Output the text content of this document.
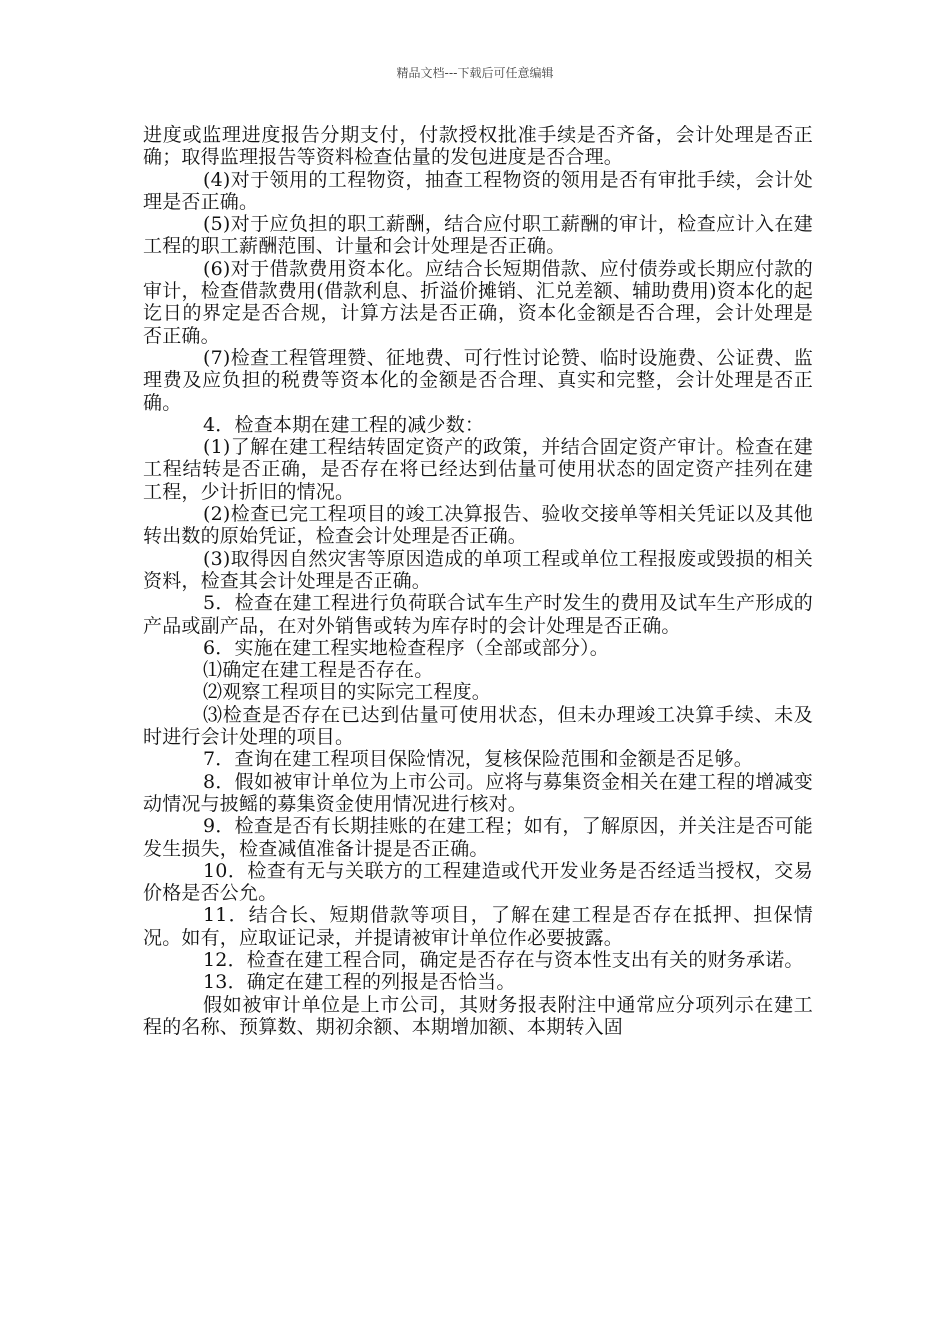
精品文档---下载后可任意编辑

进度或监理进度报告分期支付，付款授权批准手续是否齐备，会计处理是否正确；取得监理报告等资料检查估量的发包进度是否合理。

(4)对于领用的工程物资，抽查工程物资的领用是否有审批手续，会计处理是否正确。

(5)对于应负担的职工薪酬，结合应付职工薪酬的审计，检查应计入在建工程的职工薪酬范围、计量和会计处理是否正确。

(6)对于借款费用资本化。应结合长短期借款、应付债券或长期应付款的审计，检查借款费用(借款利息、折溢价摊销、汇兑差额、辅助费用)资本化的起讫日的界定是否合规，计算方法是否正确，资本化金额是否合理，会计处理是否正确。

(7)检查工程管理赞、征地费、可行性讨论赞、临时设施费、公证费、监理费及应负担的税费等资本化的金额是否合理、真实和完整，会计处理是否正确。

4．检查本期在建工程的减少数：

(1)了解在建工程结转固定资产的政策，并结合固定资产审计。检查在建工程结转是否正确，是否存在将已经达到估量可使用状态的固定资产挂列在建工程，少计折旧的情况。

(2)检查已完工程项目的竣工决算报告、验收交接单等相关凭证以及其他转出数的原始凭证，检查会计处理是否正确。

(3)取得因自然灾害等原因造成的单项工程或单位工程报废或毁损的相关资料，检查其会计处理是否正确。

5．检查在建工程进行负荷联合试车生产时发生的费用及试车生产形成的产品或副产品，在对外销售或转为库存时的会计处理是否正确。

6．实施在建工程实地检查程序（全部或部分）。

⑴确定在建工程是否存在。

⑵观察工程项目的实际完工程度。

⑶检查是否存在已达到估量可使用状态，但未办理竣工决算手续、未及时进行会计处理的项目。

7．查询在建工程项目保险情况，复核保险范围和金额是否足够。

8．假如被审计单位为上市公司。应将与募集资金相关在建工程的增减变动情况与披鳐的募集资金使用情况进行核对。

9．检查是否有长期挂账的在建工程；如有，了解原因，并关注是否可能发生损失，检查减值准备计提是否正确。

10．检查有无与关联方的工程建造或代开发业务是否经适当授权，交易价格是否公允。

11．结合长、短期借款等项目，了解在建工程是否存在抵押、担保情况。如有，应取证记录，并提请被审计单位作必要披露。

12．检查在建工程合同，确定是否存在与资本性支出有关的财务承诺。

13．确定在建工程的列报是否恰当。

假如被审计单位是上市公司，其财务报表附注中通常应分项列示在建工程的名称、预算数、期初余额、本期增加额、本期转入固
